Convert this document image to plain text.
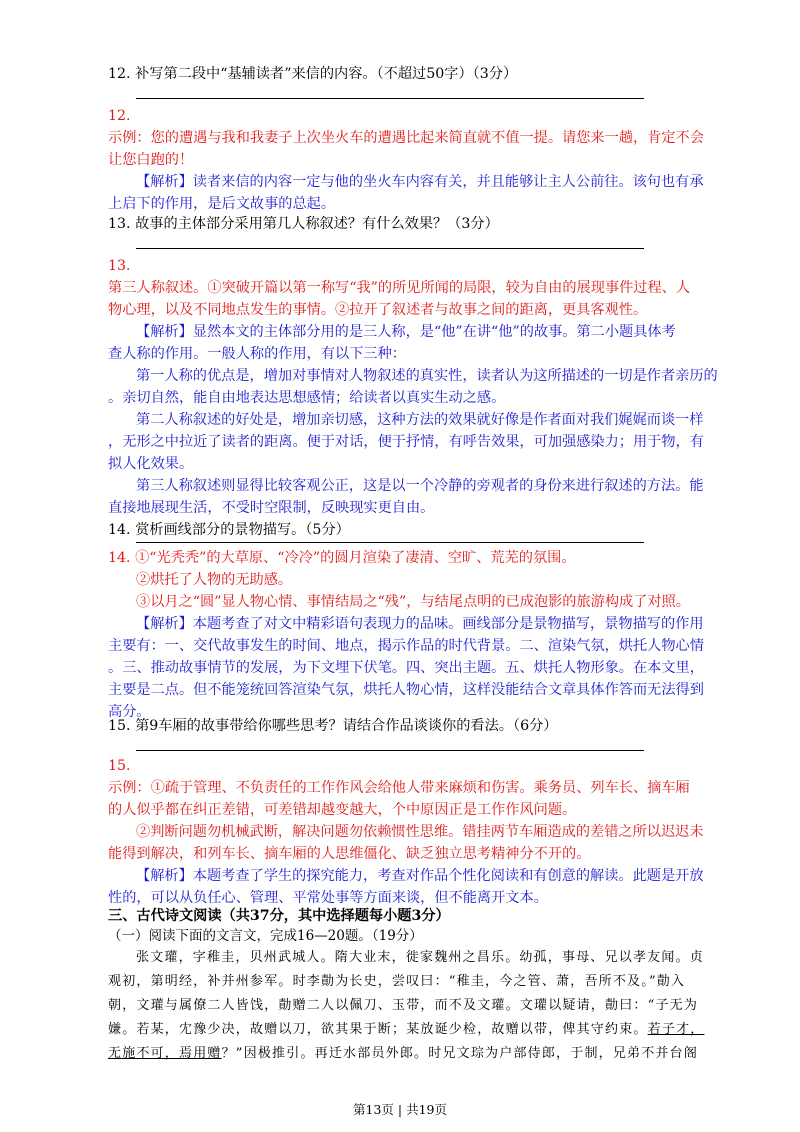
12. 补写第二段中“基辅读者”来信的内容。（不超过50字）（3分）
12.
示例：您的遭遇与我和我妻子上次坐火车的遭遇比起来简直就不值一提。请您来一趟，肯定不会
让您白跑的！
【解析】读者来信的内容一定与他的坐火车内容有关，并且能够让主人公前往。该句也有承
上启下的作用，是后文故事的总起。
13. 故事的主体部分采用第几人称叙述？有什么效果？（3分）
13.
第三人称叙述。①突破开篇以第一称写“我”的所见所闻的局限，较为自由的展现事件过程、人
物心理，以及不同地点发生的事情。②拉开了叙述者与故事之间的距离，更具客观性。
【解析】显然本文的主体部分用的是三人称，是“他”在讲“他”的故事。第二小题具体考
查人称的作用。一般人称的作用，有以下三种：
第一人称的优点是，增加对事情对人物叙述的真实性，读者认为这所描述的一切是作者亲历的
。亲切自然，能自由地表达思想感情；给读者以真实生动之感。
第二人称叙述的好处是，增加亲切感，这种方法的效果就好像是作者面对我们娓娓而谈一样
，无形之中拉近了读者的距离。便于对话，便于抒情，有呼告效果，可加强感染力；用于物，有
拟人化效果。
第三人称叙述则显得比较客观公正，这是以一个冷静的旁观者的身份来进行叙述的方法。能
直接地展现生活，不受时空限制，反映现实更自由。
14. 赏析画线部分的景物描写。（5分）
14. ①“光秃秃”的大草原、“冷冷”的圆月渲染了凄清、空旷、荒芜的氛围。
②烘托了人物的无助感。
③以月之“圆”显人物心情、事情结局之“残”，与结尾点明的已成泡影的旅游构成了对照。
【解析】本题考查了对文中精彩语句表现力的品味。画线部分是景物描写，景物描写的作用
主要有：一、交代故事发生的时间、地点，揭示作品的时代背景。二、渲染气氛，烘托人物心情
。三、推动故事情节的发展，为下文埋下伏笔。四、突出主题。五、烘托人物形象。在本文里，
主要是二点。但不能笼统回答渲染气氛，烘托人物心情，这样没能结合文章具体作答而无法得到
高分。
15. 第9车厢的故事带给你哪些思考？请结合作品谈谈你的看法。（6分）
15.
示例：①疏于管理、不负责任的工作作风会给他人带来麻烦和伤害。乘务员、列车长、摘车厢
的人似乎都在纠正差错，可差错却越变越大，个中原因正是工作作风问题。
②判断问题勿机械武断，解决问题勿依赖惯性思维。错挂两节车厢造成的差错之所以迟迟未
能得到解决，和列车长、摘车厢的人思维僵化、缺乏独立思考精神分不开的。
【解析】本题考查了学生的探究能力，考查对作品个性化阅读和有创意的解读。此题是开放
性的，可以从负任心、管理、平常处事等方面来谈，但不能离开文本。
三、古代诗文阅读（共37分，其中选择题每小题3分）
（一）阅读下面的文言文，完成16—20题。（19分）
张文瓘，字稚圭，贝州武城人。隋大业末，徙家魏州之昌乐。幼孤，事母、兄以孝友闻。贞
观初，第明经，补并州参军。时李勣为长史，尝叹曰：“稚圭，今之管、萧，吾所不及。”勣入
朝，文瓘与属僚二人皆饯，勣赠二人以佩刀、玉带，而不及文瓘。文瓘以疑请，勣曰：“子无为
嫌。若某，冘豫少决，故赠以刀，欲其果于断；某放诞少检，故赠以带，俾其守约束。若子才，
无施不可，焉用赠？”因极推引。再迁水部员外郎。时兄文琮为户部侍郎，于制，兄弟不并台阁
第13页 | 共19页
